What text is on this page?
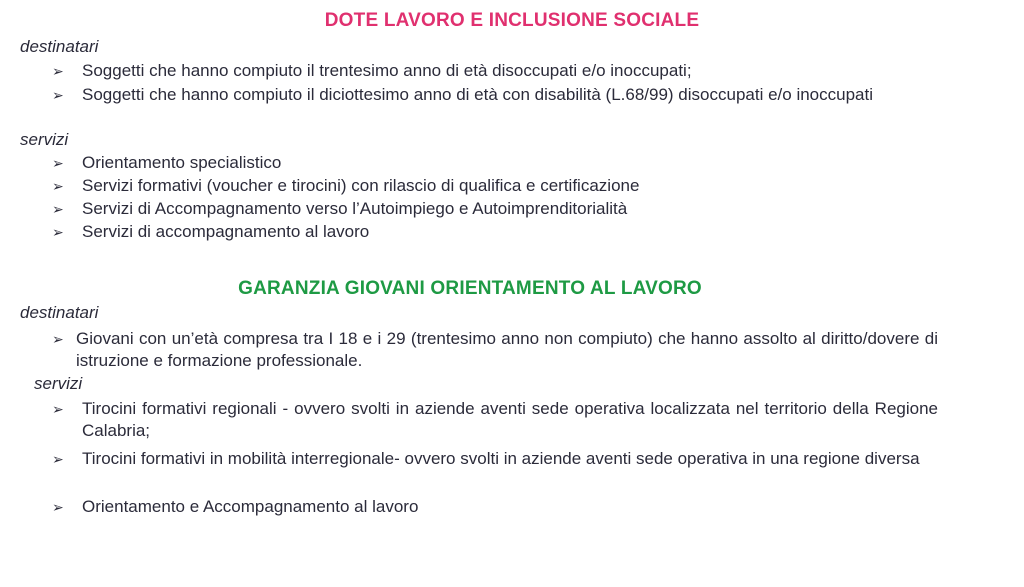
DOTE LAVORO E INCLUSIONE SOCIALE
destinatari
➢	Soggetti che hanno compiuto il trentesimo anno di età disoccupati e/o inoccupati;
➢	Soggetti che hanno compiuto il diciottesimo anno di età con disabilità (L.68/99) disoccupati e/o inoccupati
servizi
➢	Orientamento specialistico
➢	Servizi formativi (voucher e tirocini) con rilascio di qualifica e certificazione
➢	Servizi di Accompagnamento verso l’Autoimpiego e Autoimprenditorialità
➢	Servizi di accompagnamento al lavoro
GARANZIA GIOVANI ORIENTAMENTO AL LAVORO
destinatari
➢ Giovani con un’età compresa tra I 18 e i 29 (trentesimo anno non compiuto) che hanno assolto al diritto/dovere di istruzione e formazione professionale.
servizi
➢	Tirocini formativi regionali - ovvero svolti in aziende aventi sede operativa localizzata nel territorio della Regione Calabria;
➢	Tirocini formativi in mobilità interregionale- ovvero svolti in aziende aventi sede operativa in una regione diversa
➢	Orientamento e Accompagnamento al lavoro
